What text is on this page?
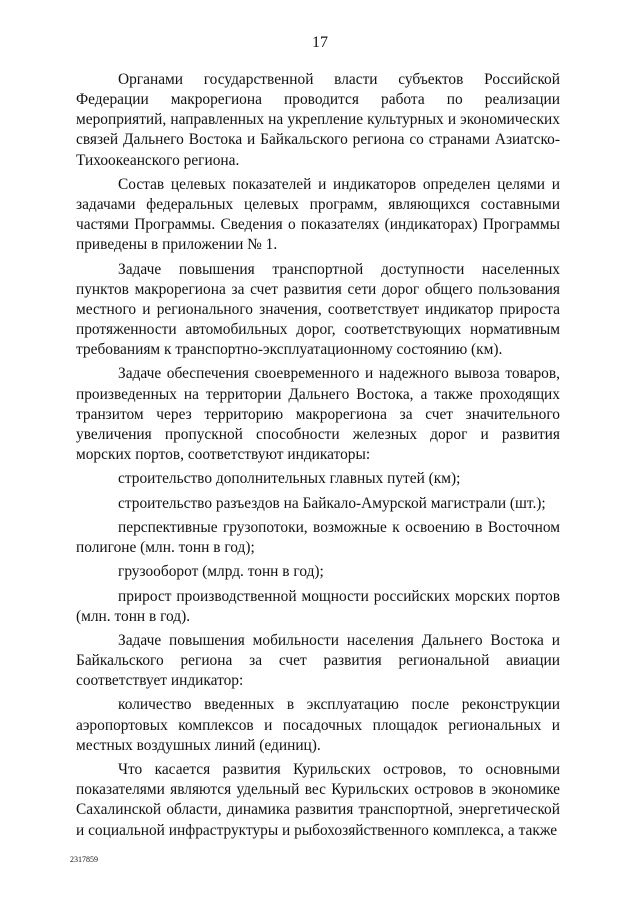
17

Органами государственной власти субъектов Российской Федерации макрорегиона проводится работа по реализации мероприятий, направленных на укрепление культурных и экономических связей Дальнего Востока и Байкальского региона со странами Азиатско-Тихоокеанского региона.

Состав целевых показателей и индикаторов определен целями и задачами федеральных целевых программ, являющихся составными частями Программы. Сведения о показателях (индикаторах) Программы приведены в приложении № 1.

Задаче повышения транспортной доступности населенных пунктов макрорегиона за счет развития сети дорог общего пользования местного и регионального значения, соответствует индикатор прироста протяженности автомобильных дорог, соответствующих нормативным требованиям к транспортно-эксплуатационному состоянию (км).

Задаче обеспечения своевременного и надежного вывоза товаров, произведенных на территории Дальнего Востока, а также проходящих транзитом через территорию макрорегиона за счет значительного увеличения пропускной способности железных дорог и развития морских портов, соответствуют индикаторы:

строительство дополнительных главных путей (км);

строительство разъездов на Байкало-Амурской магистрали (шт.);

перспективные грузопотоки, возможные к освоению в Восточном полигоне (млн. тонн в год);

грузооборот (млрд. тонн в год);

прирост производственной мощности российских морских портов (млн. тонн в год).

Задаче повышения мобильности населения Дальнего Востока и Байкальского региона за счет развития региональной авиации соответствует индикатор:

количество введенных в эксплуатацию после реконструкции аэропортовых комплексов и посадочных площадок региональных и местных воздушных линий (единиц).

Что касается развития Курильских островов, то основными показателями являются удельный вес Курильских островов в экономике Сахалинской области, динамика развития транспортной, энергетической и социальной инфраструктуры и рыбохозяйственного комплекса, а также

2317859
